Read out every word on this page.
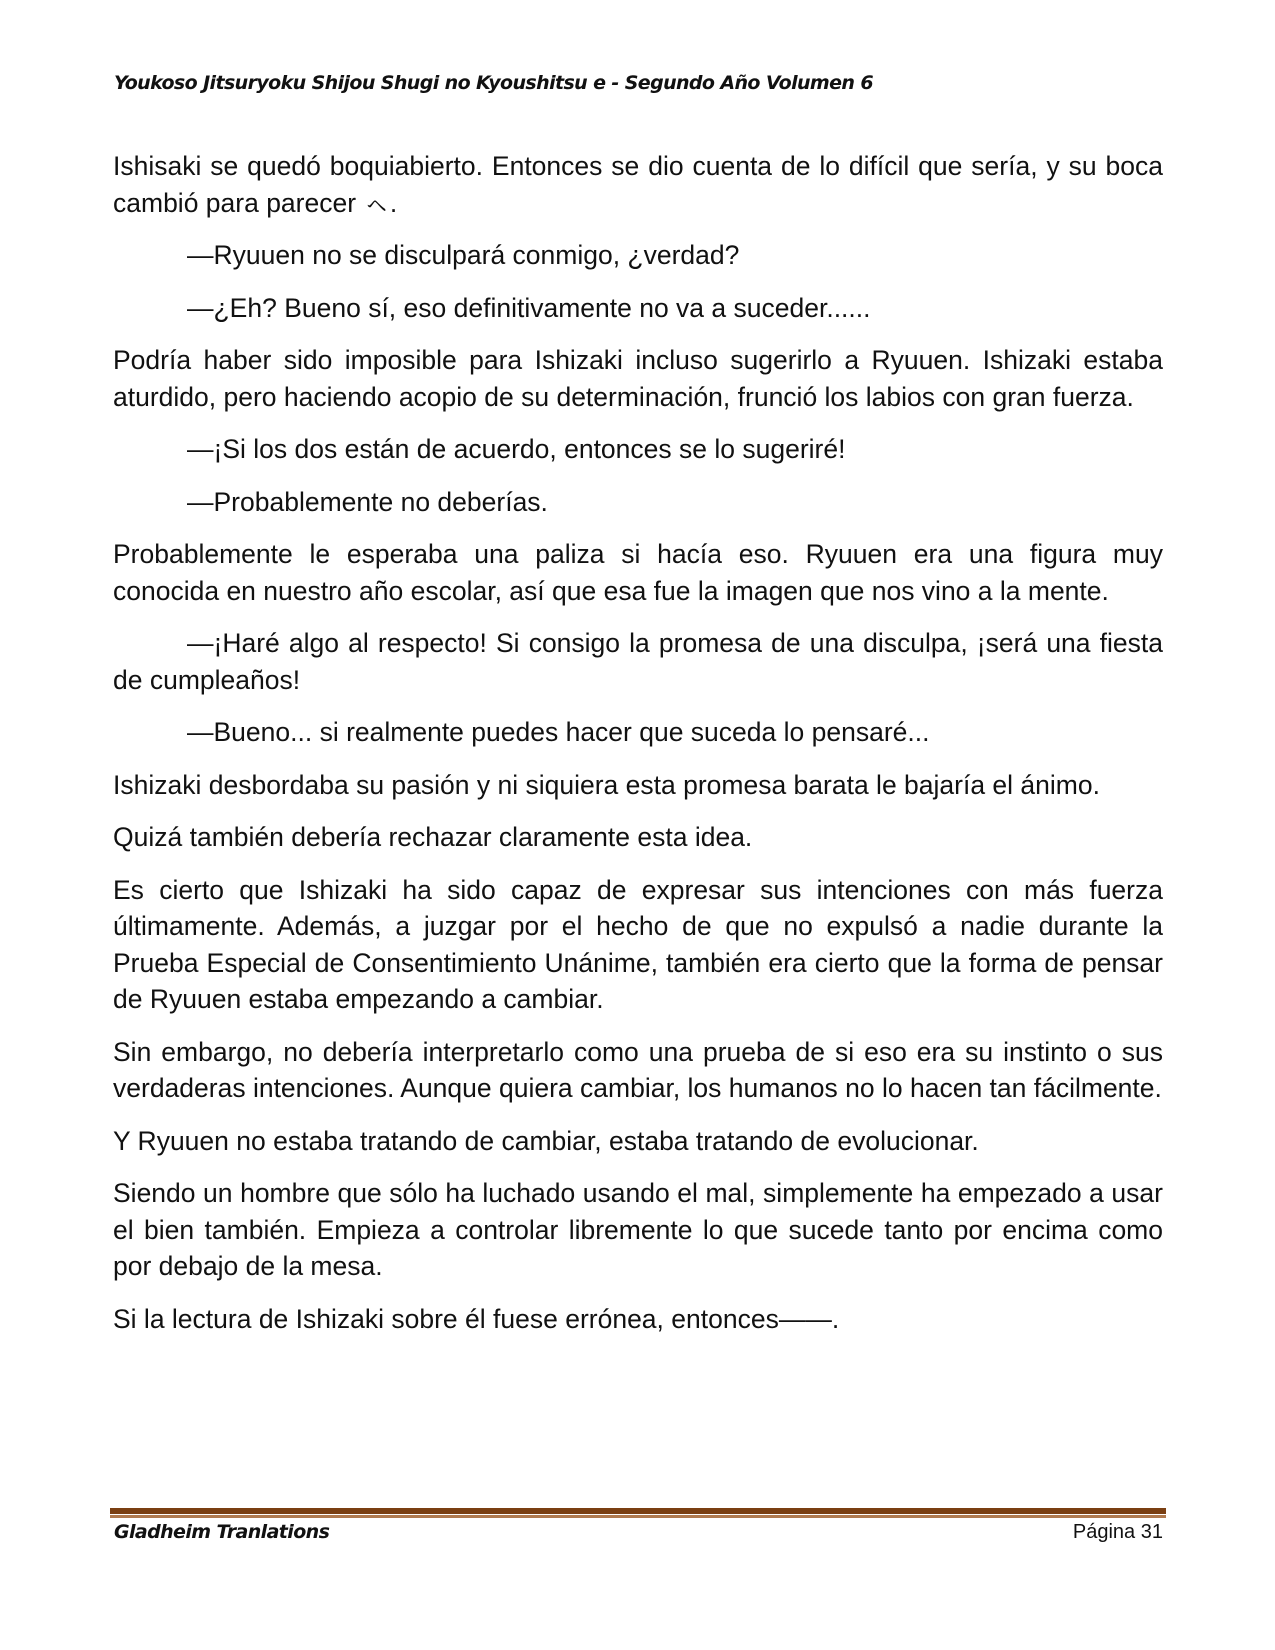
Youkoso Jitsuryoku Shijou Shugi no Kyoushitsu e - Segundo Año Volumen 6

Ishisaki se quedó boquiabierto. Entonces se dio cuenta de lo difícil que sería, y su boca cambió para parecer ㇸ.

—Ryuuen no se disculpará conmigo, ¿verdad?

—¿Eh? Bueno sí, eso definitivamente no va a suceder......

Podría haber sido imposible para Ishizaki incluso sugerirlo a Ryuuen. Ishizaki estaba aturdido, pero haciendo acopio de su determinación, frunció los labios con gran fuerza.

—¡Si los dos están de acuerdo, entonces se lo sugeriré!

—Probablemente no deberías.

Probablemente le esperaba una paliza si hacía eso. Ryuuen era una figura muy conocida en nuestro año escolar, así que esa fue la imagen que nos vino a la mente.

—¡Haré algo al respecto! Si consigo la promesa de una disculpa, ¡será una fiesta de cumpleaños!

—Bueno... si realmente puedes hacer que suceda lo pensaré...

Ishizaki desbordaba su pasión y ni siquiera esta promesa barata le bajaría el ánimo.

Quizá también debería rechazar claramente esta idea.

Es cierto que Ishizaki ha sido capaz de expresar sus intenciones con más fuerza últimamente. Además, a juzgar por el hecho de que no expulsó a nadie durante la Prueba Especial de Consentimiento Unánime, también era cierto que la forma de pensar de Ryuuen estaba empezando a cambiar.

Sin embargo, no debería interpretarlo como una prueba de si eso era su instinto o sus verdaderas intenciones. Aunque quiera cambiar, los humanos no lo hacen tan fácilmente.

Y Ryuuen no estaba tratando de cambiar, estaba tratando de evolucionar.

Siendo un hombre que sólo ha luchado usando el mal, simplemente ha empezado a usar el bien también. Empieza a controlar libremente lo que sucede tanto por encima como por debajo de la mesa.

Si la lectura de Ishizaki sobre él fuese errónea, entonces——.

Gladheim Tranlations	Página 31
